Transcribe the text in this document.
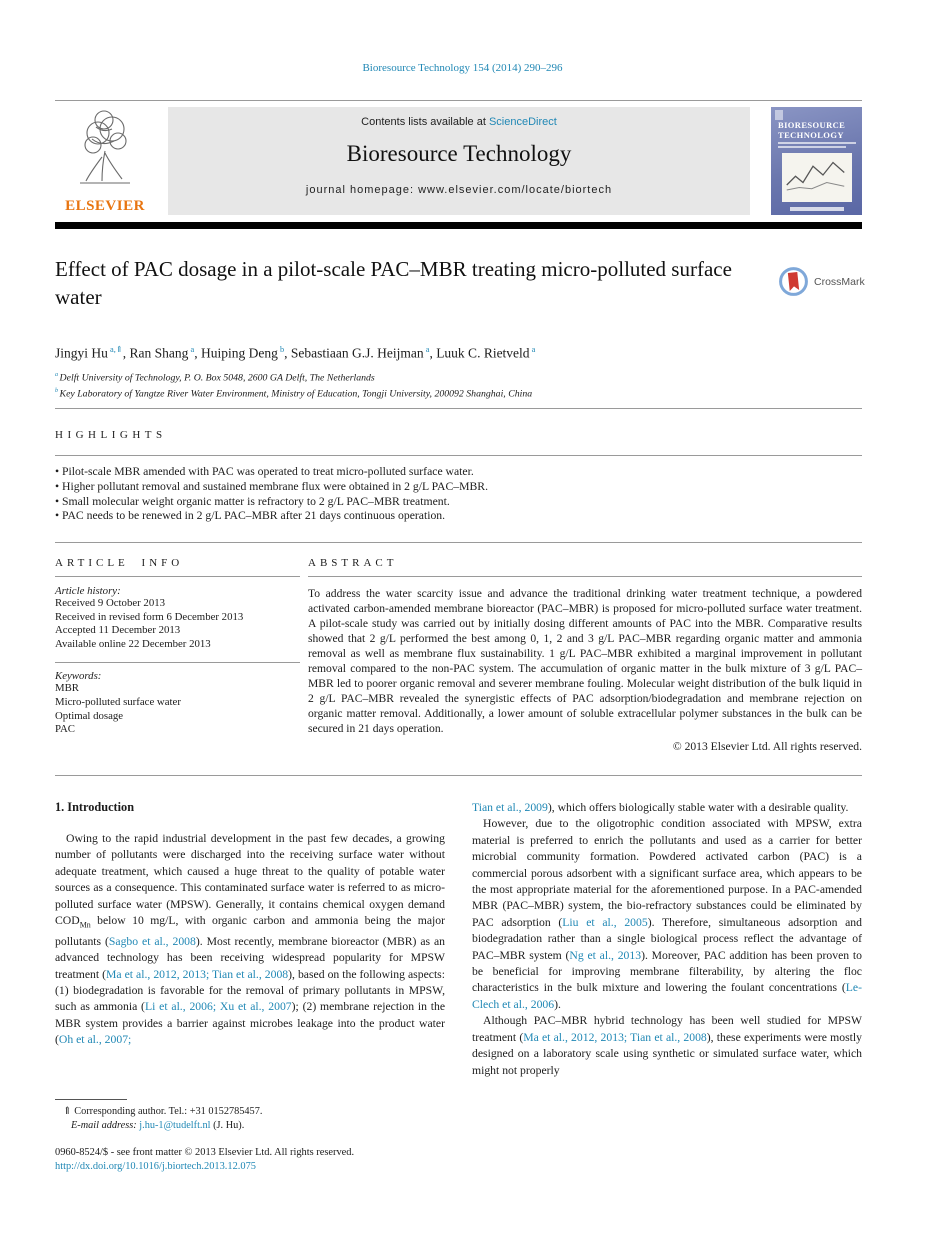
Bioresource Technology 154 (2014) 290–296
ELSEVIER
Contents lists available at ScienceDirect
Bioresource Technology
journal homepage: www.elsevier.com/locate/biortech
BIORESOURCE
TECHNOLOGY
Effect of PAC dosage in a pilot-scale PAC–MBR treating micro-polluted surface water
CrossMark
Jingyi Hu $^{a,⇑}$, Ran Shang $^a$, Huiping Deng $^b$, Sebastiaan G.J. Heijman $^a$, Luuk C. Rietveld $^a$
$^a$ Delft University of Technology, P. O. Box 5048, 2600 GA Delft, The Netherlands
$^b$ Key Laboratory of Yangtze River Water Environment, Ministry of Education, Tongji University, 200092 Shanghai, China
HIGHLIGHTS
• Pilot-scale MBR amended with PAC was operated to treat micro-polluted surface water.
• Higher pollutant removal and sustained membrane flux were obtained in 2 g/L PAC–MBR.
• Small molecular weight organic matter is refractory to 2 g/L PAC–MBR treatment.
• PAC needs to be renewed in 2 g/L PAC–MBR after 21 days continuous operation.
ARTICLE INFO
Article history:
Received 9 October 2013
Received in revised form 6 December 2013
Accepted 11 December 2013
Available online 22 December 2013
Keywords:
MBR
Micro-polluted surface water
Optimal dosage
PAC
ABSTRACT
To address the water scarcity issue and advance the traditional drinking water treatment technique, a powdered activated carbon-amended membrane bioreactor (PAC–MBR) is proposed for micro-polluted surface water treatment. A pilot-scale study was carried out by initially dosing different amounts of PAC into the MBR. Comparative results showed that 2 g/L performed the best among 0, 1, 2 and 3 g/L PAC–MBR regarding organic matter and ammonia removal as well as membrane flux sustainability. 1 g/L PAC–MBR exhibited a marginal improvement in pollutant removal compared to the non-PAC system. The accumulation of organic matter in the bulk mixture of 3 g/L PAC–MBR led to poorer organic removal and severer membrane fouling. Molecular weight distribution of the bulk liquid in 2 g/L PAC–MBR revealed the synergistic effects of PAC adsorption/biodegradation and membrane rejection on organic matter removal. Additionally, a lower amount of soluble extracellular polymer substances in the bulk can be secured in 21 days operation.
© 2013 Elsevier Ltd. All rights reserved.
1. Introduction

Owing to the rapid industrial development in the past few decades, a growing number of pollutants were discharged into the receiving surface water without adequate treatment, which caused a huge threat to the quality of potable water sources as a consequence. This contaminated surface water is referred to as micro-polluted surface water (MPSW). Generally, it contains chemical oxygen demand $COD_{Mn}$ below 10 mg/L, with organic carbon and ammonia being the major pollutants (Sagbo et al., 2008). Most recently, membrane bioreactor (MBR) as an advanced technology has been receiving widespread popularity for MPSW treatment (Ma et al., 2012, 2013; Tian et al., 2008), based on the following aspects: (1) biodegradation is favorable for the removal of primary pollutants in MPSW, such as ammonia (Li et al., 2006; Xu et al., 2007); (2) membrane rejection in the MBR system provides a barrier against microbes leakage into the product water (Oh et al., 2007;

Tian et al., 2009), which offers biologically stable water with a desirable quality.

However, due to the oligotrophic condition associated with MPSW, extra material is preferred to enrich the pollutants and used as a carrier for better microbial community formation. Powdered activated carbon (PAC) is a commercial porous adsorbent with a significant surface area, which appears to be the most appropriate material for the aforementioned purpose. In a PAC-amended MBR (PAC–MBR) system, the bio-refractory substances could be eliminated by PAC adsorption (Liu et al., 2005). Therefore, simultaneous adsorption and biodegradation rather than a single biological process reflect the advantage of PAC–MBR system (Ng et al., 2013). Moreover, PAC addition has been proven to be beneficial for improving membrane filterability, by altering the floc characteristics in the bulk mixture and lowering the foulant concentrations (Le-Clech et al., 2006).

Although PAC–MBR hybrid technology has been well studied for MPSW treatment (Ma et al., 2012, 2013; Tian et al., 2008), these experiments were mostly designed on a laboratory scale using synthetic or simulated surface water, which might not properly

⇑ Corresponding author. Tel.: +31 0152785457.
E-mail address: j.hu-1@tudelft.nl (J. Hu).
0960-8524/$ - see front matter © 2013 Elsevier Ltd. All rights reserved.
http://dx.doi.org/10.1016/j.biortech.2013.12.075
